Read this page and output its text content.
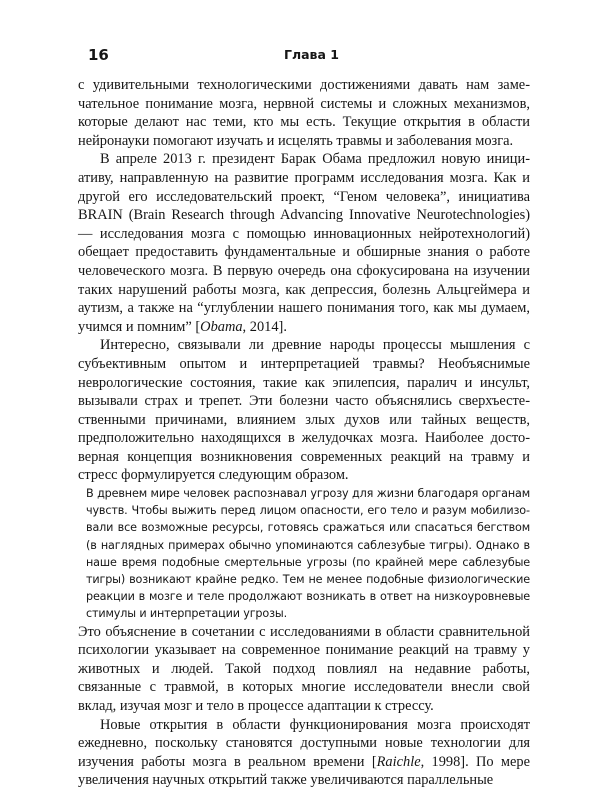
16	Глава 1

с удивительными технологическими достижениями давать нам замечательное понимание мозга, нервной системы и сложных механизмов, которые делают нас теми, кто мы есть. Текущие открытия в области нейронауки помогают изучать и исцелять травмы и заболевания мозга.

В апреле 2013 г. президент Барак Обама предложил новую инициативу, направленную на развитие программ исследования мозга. Как и другой его исследовательский проект, “Геном человека”, инициатива BRAIN (Brain Research through Advancing Innovative Neurotechnologies) — исследования мозга с помощью инновационных нейротехнологий) обещает предоставить фундаментальные и обширные знания о работе человеческого мозга. В первую очередь она сфокусирована на изучении таких нарушений работы мозга, как депрессия, болезнь Альцгеймера и аутизм, а также на “углублении нашего понимания того, как мы думаем, учимся и помним” [Obama, 2014].

Интересно, связывали ли древние народы процессы мышления с субъективным опытом и интерпретацией травмы? Необъяснимые неврологические состояния, такие как эпилепсия, паралич и инсульт, вызывали страх и трепет. Эти болезни часто объяснялись сверхъестественными причинами, влиянием злых духов или тайных веществ, предположительно находящихся в желудочках мозга. Наиболее достоверная концепция возникновения современных реакций на травму и стресс формулируется следующим образом.

В древнем мире человек распознавал угрозу для жизни благодаря органам чувств. Чтобы выжить перед лицом опасности, его тело и разум мобилизовали все возможные ресурсы, готовясь сражаться или спасаться бегством (в наглядных примерах обычно упоминаются саблезубые тигры). Однако в наше время подобные смертельные угрозы (по крайней мере саблезубые тигры) возникают крайне редко. Тем не менее подобные физиологические реакции в мозге и теле продолжают возникать в ответ на низкоуровневые стимулы и интерпретации угрозы.

Это объяснение в сочетании с исследованиями в области сравнительной психологии указывает на современное понимание реакций на травму у животных и людей. Такой подход повлиял на недавние работы, связанные с травмой, в которых многие исследователи внесли свой вклад, изучая мозг и тело в процессе адаптации к стрессу.

Новые открытия в области функционирования мозга происходят ежедневно, поскольку становятся доступными новые технологии для изучения работы мозга в реальном времени [Raichle, 1998]. По мере увеличения научных открытий также увеличиваются параллельные
